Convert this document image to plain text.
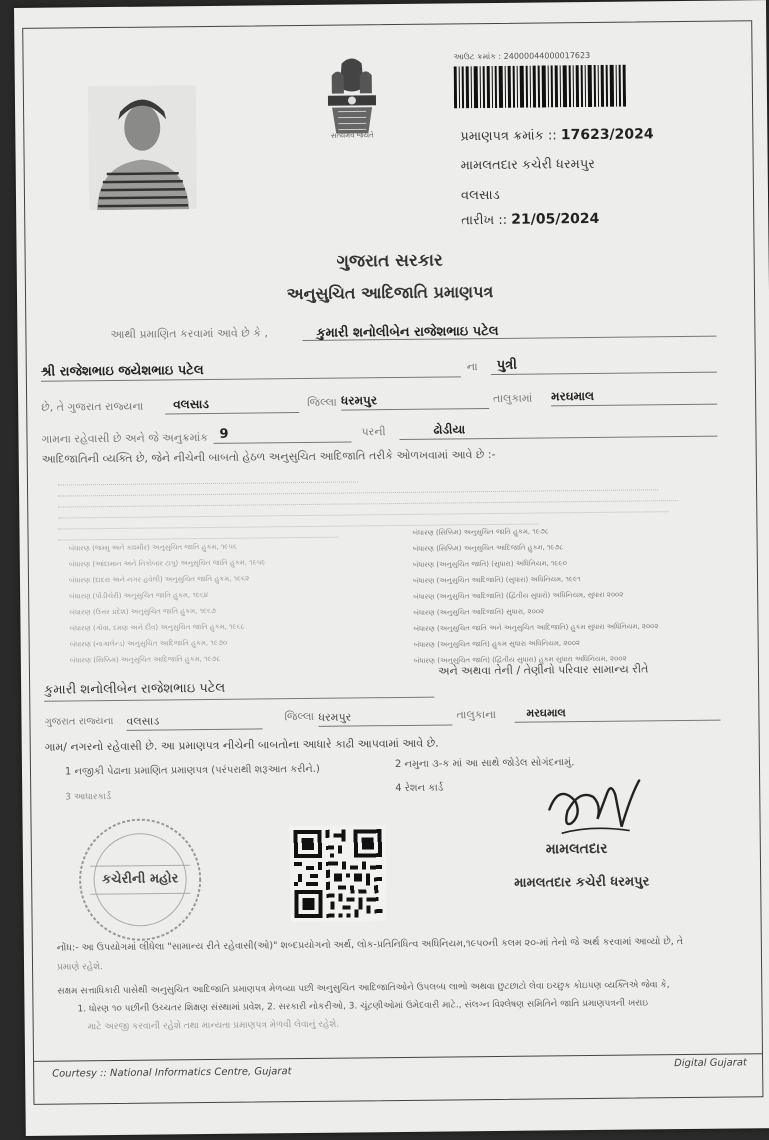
સત્યમેવ જયતે
આઉટ ક્રમાંક : 24000044000017623
પ્રમાણપત્ર ક્રમાંક :: 17623/2024
મામલતદાર કચેરી ધરમપુર
વલસાડ
તારીખ :: 21/05/2024
ગુજરાત સરકાર
અનુસુચિત આદિજાતિ પ્રમાણપત્ર
આથી પ્રમાણિત કરવામાં આવે છે કે ,	કુમારી શનોલીબેન રાજેશભાઇ પટેલ
શ્રી રાજેશભાઇ જયેશભાઇ પટેલ	ના	પુત્રી
છે, તે ગુજરાત રાજ્યના	વલસાડ	જિલ્લા ધરમપુર	તાલુકામાં મરઘમાલ
ગામના રહેવાસી છે અને જે અનુક્રમાંક 9	પરની	ઢોડીયા
આદિજાતિની વ્યક્તિ છે, જેને નીચેની બાબતો હેઠળ અનુસુચિત આદિજાતિ તરીકે ઓળખવામાં આવે છે :-
બંધારણ (જમ્મુ અને કાશ્મીર) અનુસુચિત જાતિ હુકમ, ૧૯૫૬
બંધારણ (આંદામાન અને નિકોબાર ટાપુ) અનુસુચિત જાતિ હુકમ, ૧૯૫૯
બંધારણ (દાદરા અને નગર હવેલી) અનુસુચિત જાતિ હુકમ, ૧૯૬૨
બંધારણ (પોંડીચેરી) અનુસુચિત જાતિ હુકમ, ૧૯૬૪
બંધારણ (ઉત્તર પ્રદેશ) અનુસુચિત જાતિ હુકમ, ૧૯૬૭
બંધારણ (ગોવા, દમણ અને દીવ) અનુસુચિત જાતિ હુકમ, ૧૯૬૮
બંધારણ (નાગાલેન્ડ) અનુસુચિત આદિજાતિ હુકમ, ૧૯૭૦
બંધારણ (સિક્કિમ) અનુસુચિત આદિજાતિ હુકમ, ૧૯૭૮
બંધારણ (સિક્કિમ) અનુસુચિત જાતિ હુકમ, ૧૯૭૮
બંધારણ (સિક્કિમ) અનુસુચિત આદિજાતિ હુકમ, ૧૯૭૮
બંધારણ (અનુસુચિત જાતિ) (સુધારા) અધિનિયમ, ૧૯૯૦
બંધારણ (અનુસુચિત આદિજાતિ) (સુધારા) અધિનિયમ, ૧૯૯૧
બંધારણ (અનુસુચિત આદિજાતિ) (દ્વિતીય સુધારો) અધિનિયમ, સુધારા ૨૦૦૨
બંધારણ (અનુસુચિત આદિજાતિ) સુધારા, ૨૦૦૨
બંધારણ (અનુસુચિત જાતિ અને અનુસુચિત આદિજાતિ) હુકમ સુધારા અધિનિયમ, ૨૦૦૨
બંધારણ (અનુસુચિત જાતિ) હુકમ સુધારા અધિનિયમ, ૨૦૦૨
બંધારણ (અનુસુચિત જાતિ) (દ્વિતીય સુધારા) હુકમ સુધારા અધિનિયમ, ૨૦૦૨
કુમારી શનોલીબેન રાજેશભાઇ પટેલ
અને અથવા તેની / તેણીનો પરિવાર સામાન્ય રીતે
ગુજરાત રાજ્યના વલસાડ	જિલ્લા ધરમપુર	તાલુકાના	મરઘમાલ
ગામ/ નગરનો રહેવાસી છે. આ પ્રમાણપત્ર નીચેની બાબતોના આધારે કાઢી આપવામાં આવે છે.
1 નજીકી પેઢાના પ્રમાણિત પ્રમાણપત્ર (પરંપરાથી શરૂઆત કરીને.)
2 નમુના ૩-ક માં આ સાથે જોડેલ સોગંદનામું.
3 આધારકાર્ડ
4 રેશન કાર્ડ
કચેરીની મહોર
મામલતદાર
મામલતદાર કચેરી ધરમપુર
નોંધ:- આ ઉપયોગમાં લીધેલા "સામાન્ય રીતે રહેવાસી(ઓ)" શબ્દપ્રયોગનો અર્થ, લોક-પ્રતિનિધિત્વ અધિનિયમ,૧૯૫૦ની કલમ ૨૦-માં તેનો જે અર્થ કરવામાં આવ્યો છે, તે
પ્રમાણે રહેશે.
સક્ષમ સત્તાધિકારી પાસેથી અનુસુચિત આદિજાતિ પ્રમાણપત્ર મેળવ્યા પછી અનુસુચિત આદિજાતિઓને ઉપલબ્ધ લાભો અથવા છુટછાટો લેવા ઇચ્છુક કોઇપણ વ્યક્તિએ જેવા કે,
1. ધોરણ ૧૦ પછીની ઉચ્ચતર શિક્ષણ સંસ્થામાં પ્રવેશ, 2. સરકારી નોકરીઓ, 3. ચૂંટણીઓમાં ઉમેદવારી માટે., સંલગ્ન વિશ્લેષણ સમિતિને જાતિ પ્રમાણપત્રની ખરાઇ
માટે અરજી કરવાની રહેશે તથા માન્યતા પ્રમાણપત્ર મેળવી લેવાનું રહેશે.
Courtesy :: National Informatics Centre, Gujarat
Digital Gujarat
